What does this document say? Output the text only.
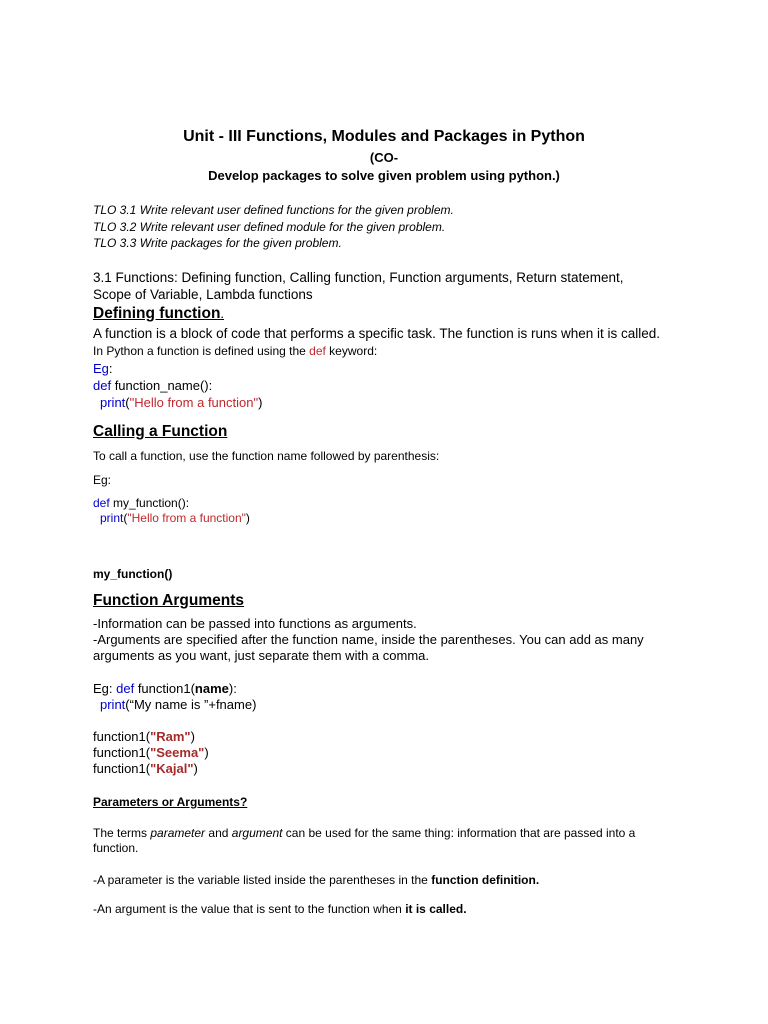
Unit - III Functions, Modules and Packages in Python
(CO-
Develop packages to solve given problem using python.)
TLO 3.1 Write relevant user defined functions for the given problem.
TLO 3.2 Write relevant user defined module for the given problem.
TLO 3.3 Write packages for the given problem.

3.1 Functions: Defining function, Calling function, Function arguments, Return statement, Scope of Variable, Lambda functions

Defining function.

A function is a block of code that performs a specific task. The function is runs when it is called.

In Python a function is defined using the def keyword:

Eg:

def function_name():

print("Hello from a function")

Calling a Function

To call a function, use the function name followed by parenthesis:

Eg:

def my_function():

print("Hello from a function")

my_function()

Function Arguments

-Information can be passed into functions as arguments.

-Arguments are specified after the function name, inside the parentheses. You can add as many arguments as you want, just separate them with a comma.

Eg: def function1(name):

print(“My name is ”+fname)

function1("Ram")

function1("Seema")

function1("Kajal")

Parameters or Arguments?

The terms parameter and argument can be used for the same thing: information that are passed into a function.

-A parameter is the variable listed inside the parentheses in the function definition.

-An argument is the value that is sent to the function when it is called.
